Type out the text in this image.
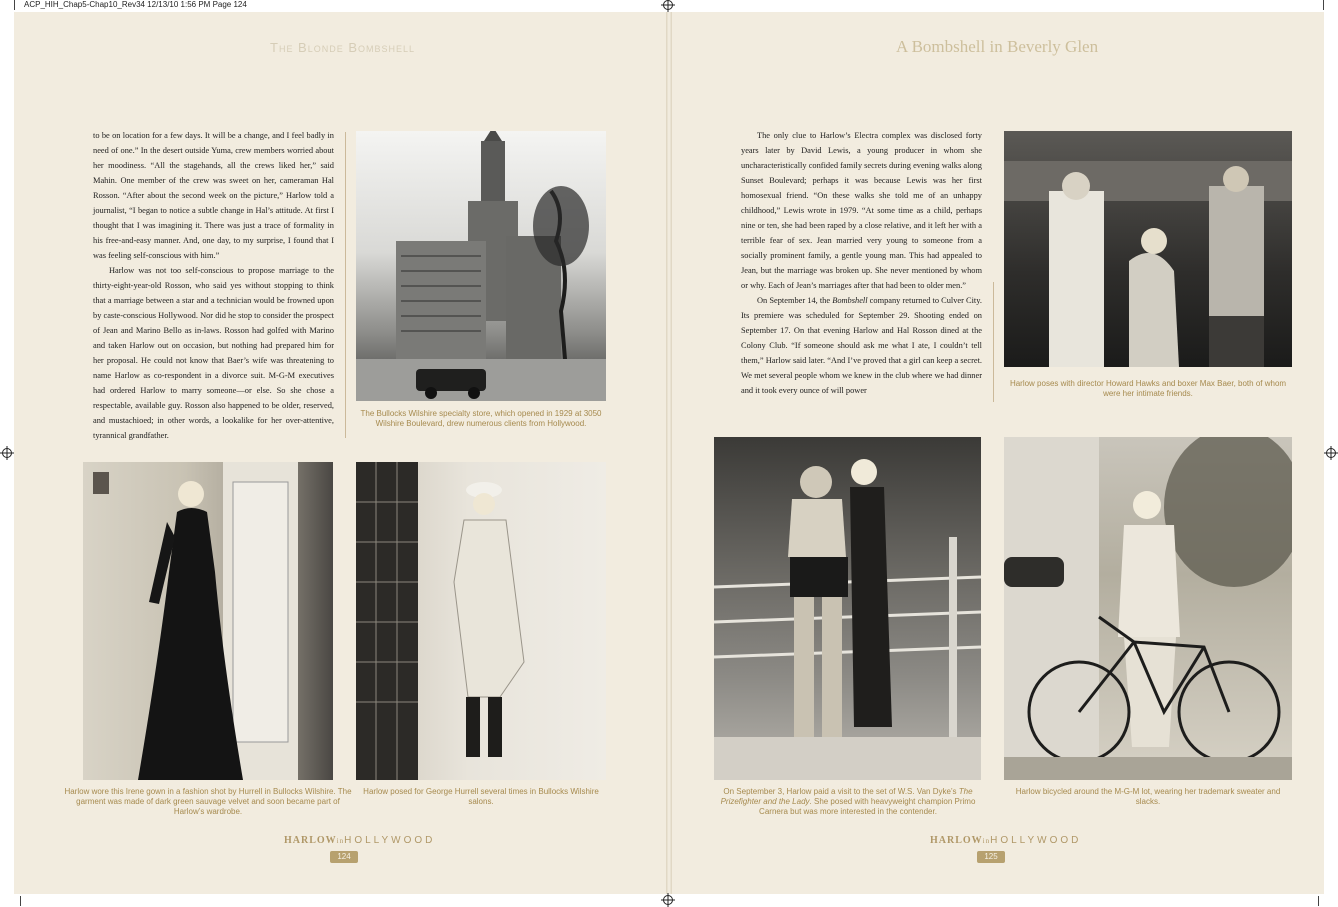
ACP_HIH_Chap5-Chap10_Rev34 12/13/10 1:56 PM Page 124
The Blonde Bombshell	A Bombshell in Beverly Glen

to be on location for a few days. It will be a change, and I feel badly in need of one.” In the desert outside Yuma, crew members worried about her moodiness. “All the stagehands, all the crews liked her,” said Mahin. One member of the crew was sweet on her, cameraman Hal Rosson. “After about the second week on the picture,” Harlow told a journalist, “I began to notice a subtle change in Hal’s attitude. At first I thought that I was imagining it. There was just a trace of formality in his free-and-easy manner. And, one day, to my surprise, I found that I was feeling self-conscious with him.”

Harlow was not too self-conscious to propose marriage to the thirty-eight-year-old Rosson, who said yes without stopping to think that a marriage between a star and a technician would be frowned upon by caste-conscious Hollywood. Nor did he stop to consider the prospect of Jean and Marino Bello as in-laws. Rosson had golfed with Marino and taken Harlow out on occasion, but nothing had prepared him for her proposal. He could not know that Baer’s wife was threatening to name Harlow as co-respondent in a divorce suit. M-G-M executives had ordered Harlow to marry someone—or else. So she chose a respectable, available guy. Rosson also happened to be older, reserved, and mustachioed; in other words, a lookalike for her over-attentive, tyrannical grandfather.

The Bullocks Wilshire specialty store, which opened in 1929 at 3050 Wilshire Boulevard, drew numerous clients from Hollywood.
Harlow wore this Irene gown in a fashion shot by Hurrell in Bullocks Wilshire. The garment was made of dark green sauvage velvet and soon became part of Harlow’s wardrobe.
Harlow posed for George Hurrell several times in Bullocks Wilshire salons.
HARLOWinHOLLYWOOD
124

The only clue to Harlow’s Electra complex was disclosed forty years later by David Lewis, a young producer in whom she uncharacteristically confided family secrets during evening walks along Sunset Boulevard; perhaps it was because Lewis was her first homosexual friend. “On these walks she told me of an unhappy childhood,” Lewis wrote in 1979. “At some time as a child, perhaps nine or ten, she had been raped by a close relative, and it left her with a terrible fear of sex. Jean married very young to someone from a socially prominent family, a gentle young man. This had appealed to Jean, but the marriage was broken up. She never mentioned by whom or why. Each of Jean’s marriages after that had been to older men.”

On September 14, the Bombshell company returned to Culver City. Its premiere was scheduled for September 29. Shooting ended on September 17. On that evening Harlow and Hal Rosson dined at the Colony Club. “If someone should ask me what I ate, I couldn’t tell them,” Harlow said later. “And I’ve proved that a girl can keep a secret. We met several people whom we knew in the club where we had dinner and it took every ounce of will power

Harlow poses with director Howard Hawks and boxer Max Baer, both of whom were her intimate friends.
On September 3, Harlow paid a visit to the set of W.S. Van Dyke’s The Prizefighter and the Lady. She posed with heavyweight champion Primo Carnera but was more interested in the contender.
Harlow bicycled around the M-G-M lot, wearing her trademark sweater and slacks.
HARLOWinHOLLYWOOD
125
